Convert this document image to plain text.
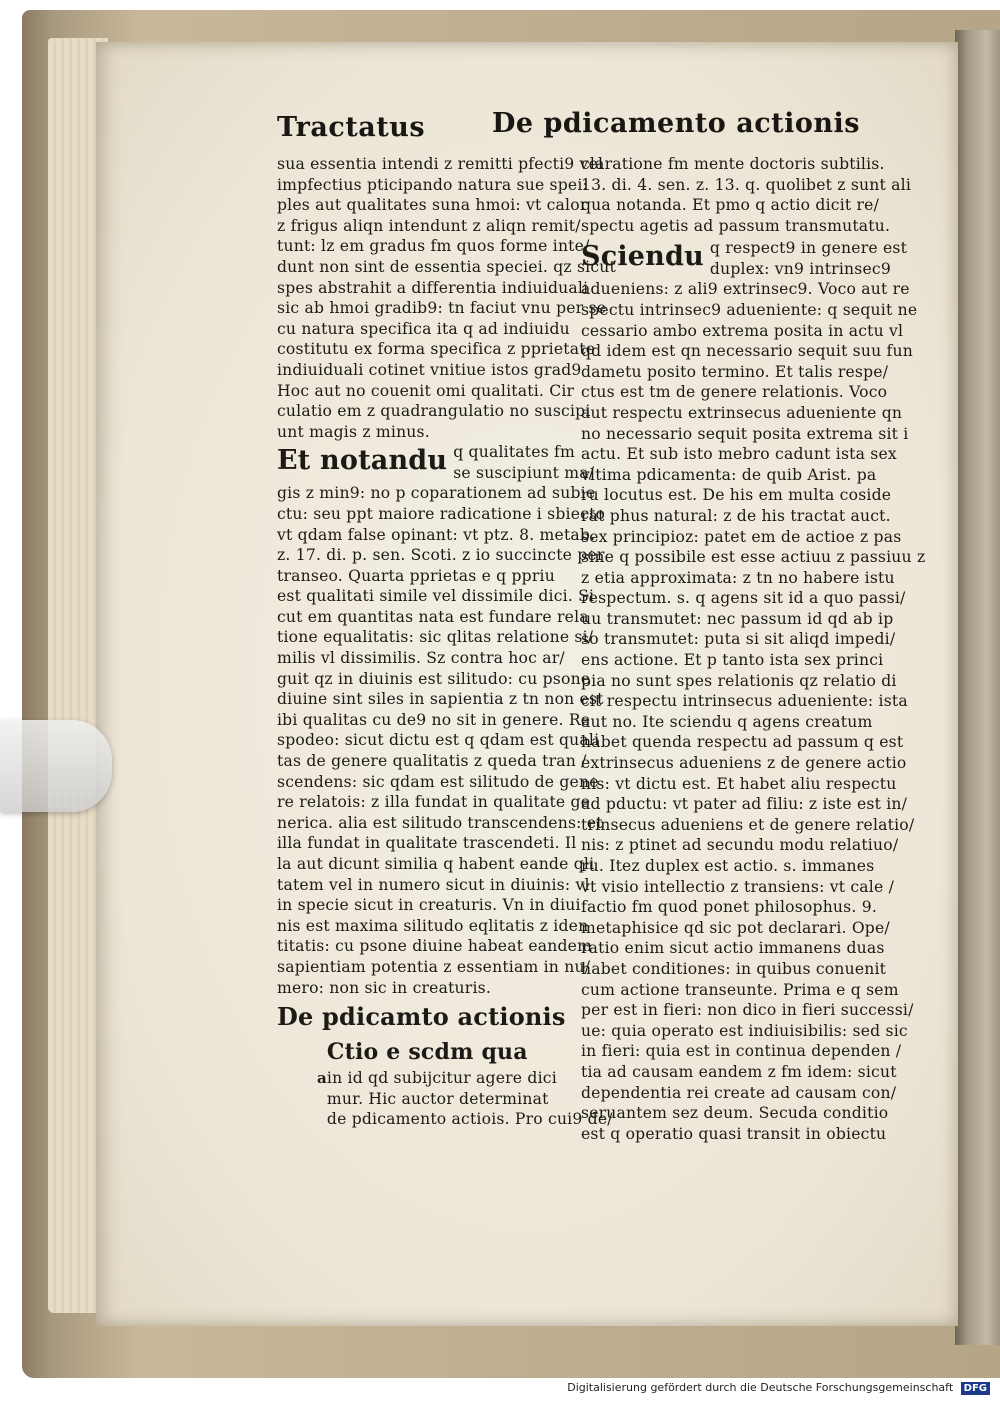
Tractatus De pdicamento actionis
sua essentia intendi z remitti pfecti9 vel
impfectius pticipando natura sue spei:
ples aut qualitates suna hmoi: vt calor
z frigus aliqn intendunt z aliqn remit/
tunt: lz em gradus fm quos forme inte/
dunt non sint de essentia speciei. qz sicut
spes abstrahit a differentia indiuiduali
sic ab hmoi gradib9: tn faciut vnu per se
cu natura specifica ita q ad indiuidu
costitutu ex forma specifica z pprietate
indiuiduali cotinet vnitiue istos grad9
Hoc aut no couenit omi qualitati. Cir
culatio em z quadrangulatio no suscipi
unt magis z minus.
Et notandu q qualitates fm
se suscipiunt ma/
gis z min9: no p coparationem ad subie
ctu: seu ppt maiore radicatione i sbiecto
vt qdam false opinant: vt ptz. 8. metab.
z. 17. di. p. sen. Scoti. z io succincte per
transeo. Quarta pprietas e q ppriu
est qualitati simile vel dissimile dici. Si
cut em quantitas nata est fundare rela
tione equalitatis: sic qlitas relatione si/
milis vl dissimilis. Sz contra hoc ar/
guit qz in diuinis est silitudo: cu psone
diuine sint siles in sapientia z tn non est
ibi qualitas cu de9 no sit in genere. Re
spodeo: sicut dictu est q qdam est quali
tas de genere qualitatis z queda tran /
scendens: sic qdam est silitudo de gene
re relatois: z illa fundat in qualitate ge
nerica. alia est silitudo transcendens: et
illa fundat in qualitate trascendeti. Il
la aut dicunt similia q habent eande qli
tatem vel in numero sicut in diuinis: vl
in specie sicut in creaturis. Vn in diui
nis est maxima silitudo eqlitatis z iden
titatis: cu psone diuine habeat eandem
sapientiam potentia z essentiam in nu/
mero: non sic in creaturis.
De pdicamto actionis
a
Ctio e scdm qua
in id qd subijcitur agere dici
mur. Hic auctor determinat
de pdicamento actiois. Pro cui9 de/
claratione fm mente doctoris subtilis.
13. di. 4. sen. z. 13. q. quolibet z sunt ali
qua notanda. Et pmo q actio dicit re/
spectu agetis ad passum transmutatu.
Sciendu q respect9 in genere est
duplex: vn9 intrinsec9
adueniens: z ali9 extrinsec9. Voco aut re
spectu intrinsec9 adueniente: q sequit ne
cessario ambo extrema posita in actu vl
qd idem est qn necessario sequit suu fun
dametu posito termino. Et talis respe/
ctus est tm de genere relationis. Voco
aut respectu extrinsecus adueniente qn
no necessario sequit posita extrema sit i
actu. Et sub isto mebro cadunt ista sex
vltima pdicamenta: de quib Arist. pa
ru locutus est. De his em multa coside
rat phus natural: z de his tractat auct.
sex principioz: patet em de actioe z pas
sine q possibile est esse actiuu z passiuu z
z etia approximata: z tn no habere istu
respectum. s. q agens sit id a quo passi/
uu transmutet: nec passum id qd ab ip
so transmutet: puta si sit aliqd impedi/
ens actione. Et p tanto ista sex princi
pia no sunt spes relationis qz relatio di
cit respectu intrinsecus adueniente: ista
aut no. Ite sciendu q agens creatum
habet quenda respectu ad passum q est
extrinsecus adueniens z de genere actio
nis: vt dictu est. Et habet aliu respectu
ad pductu: vt pater ad filiu: z iste est in/
trinsecus adueniens et de genere relatio/
nis: z ptinet ad secundu modu relatiuo/
ru. Itez duplex est actio. s. immanes
vt visio intellectio z transiens: vt cale /
factio fm quod ponet philosophus. 9.
metaphisice qd sic pot declarari. Ope/
ratio enim sicut actio immanens duas
habet conditiones: in quibus conuenit
cum actione transeunte. Prima e q sem
per est in fieri: non dico in fieri successi/
ue: quia operato est indiuisibilis: sed sic
in fieri: quia est in continua dependen /
tia ad causam eandem z fm idem: sicut
dependentia rei create ad causam con/
seruantem sez deum. Secuda conditio
est q operatio quasi transit in obiectu
Digitalisierung gefördert durch die Deutsche Forschungsgemeinschaft DFG
